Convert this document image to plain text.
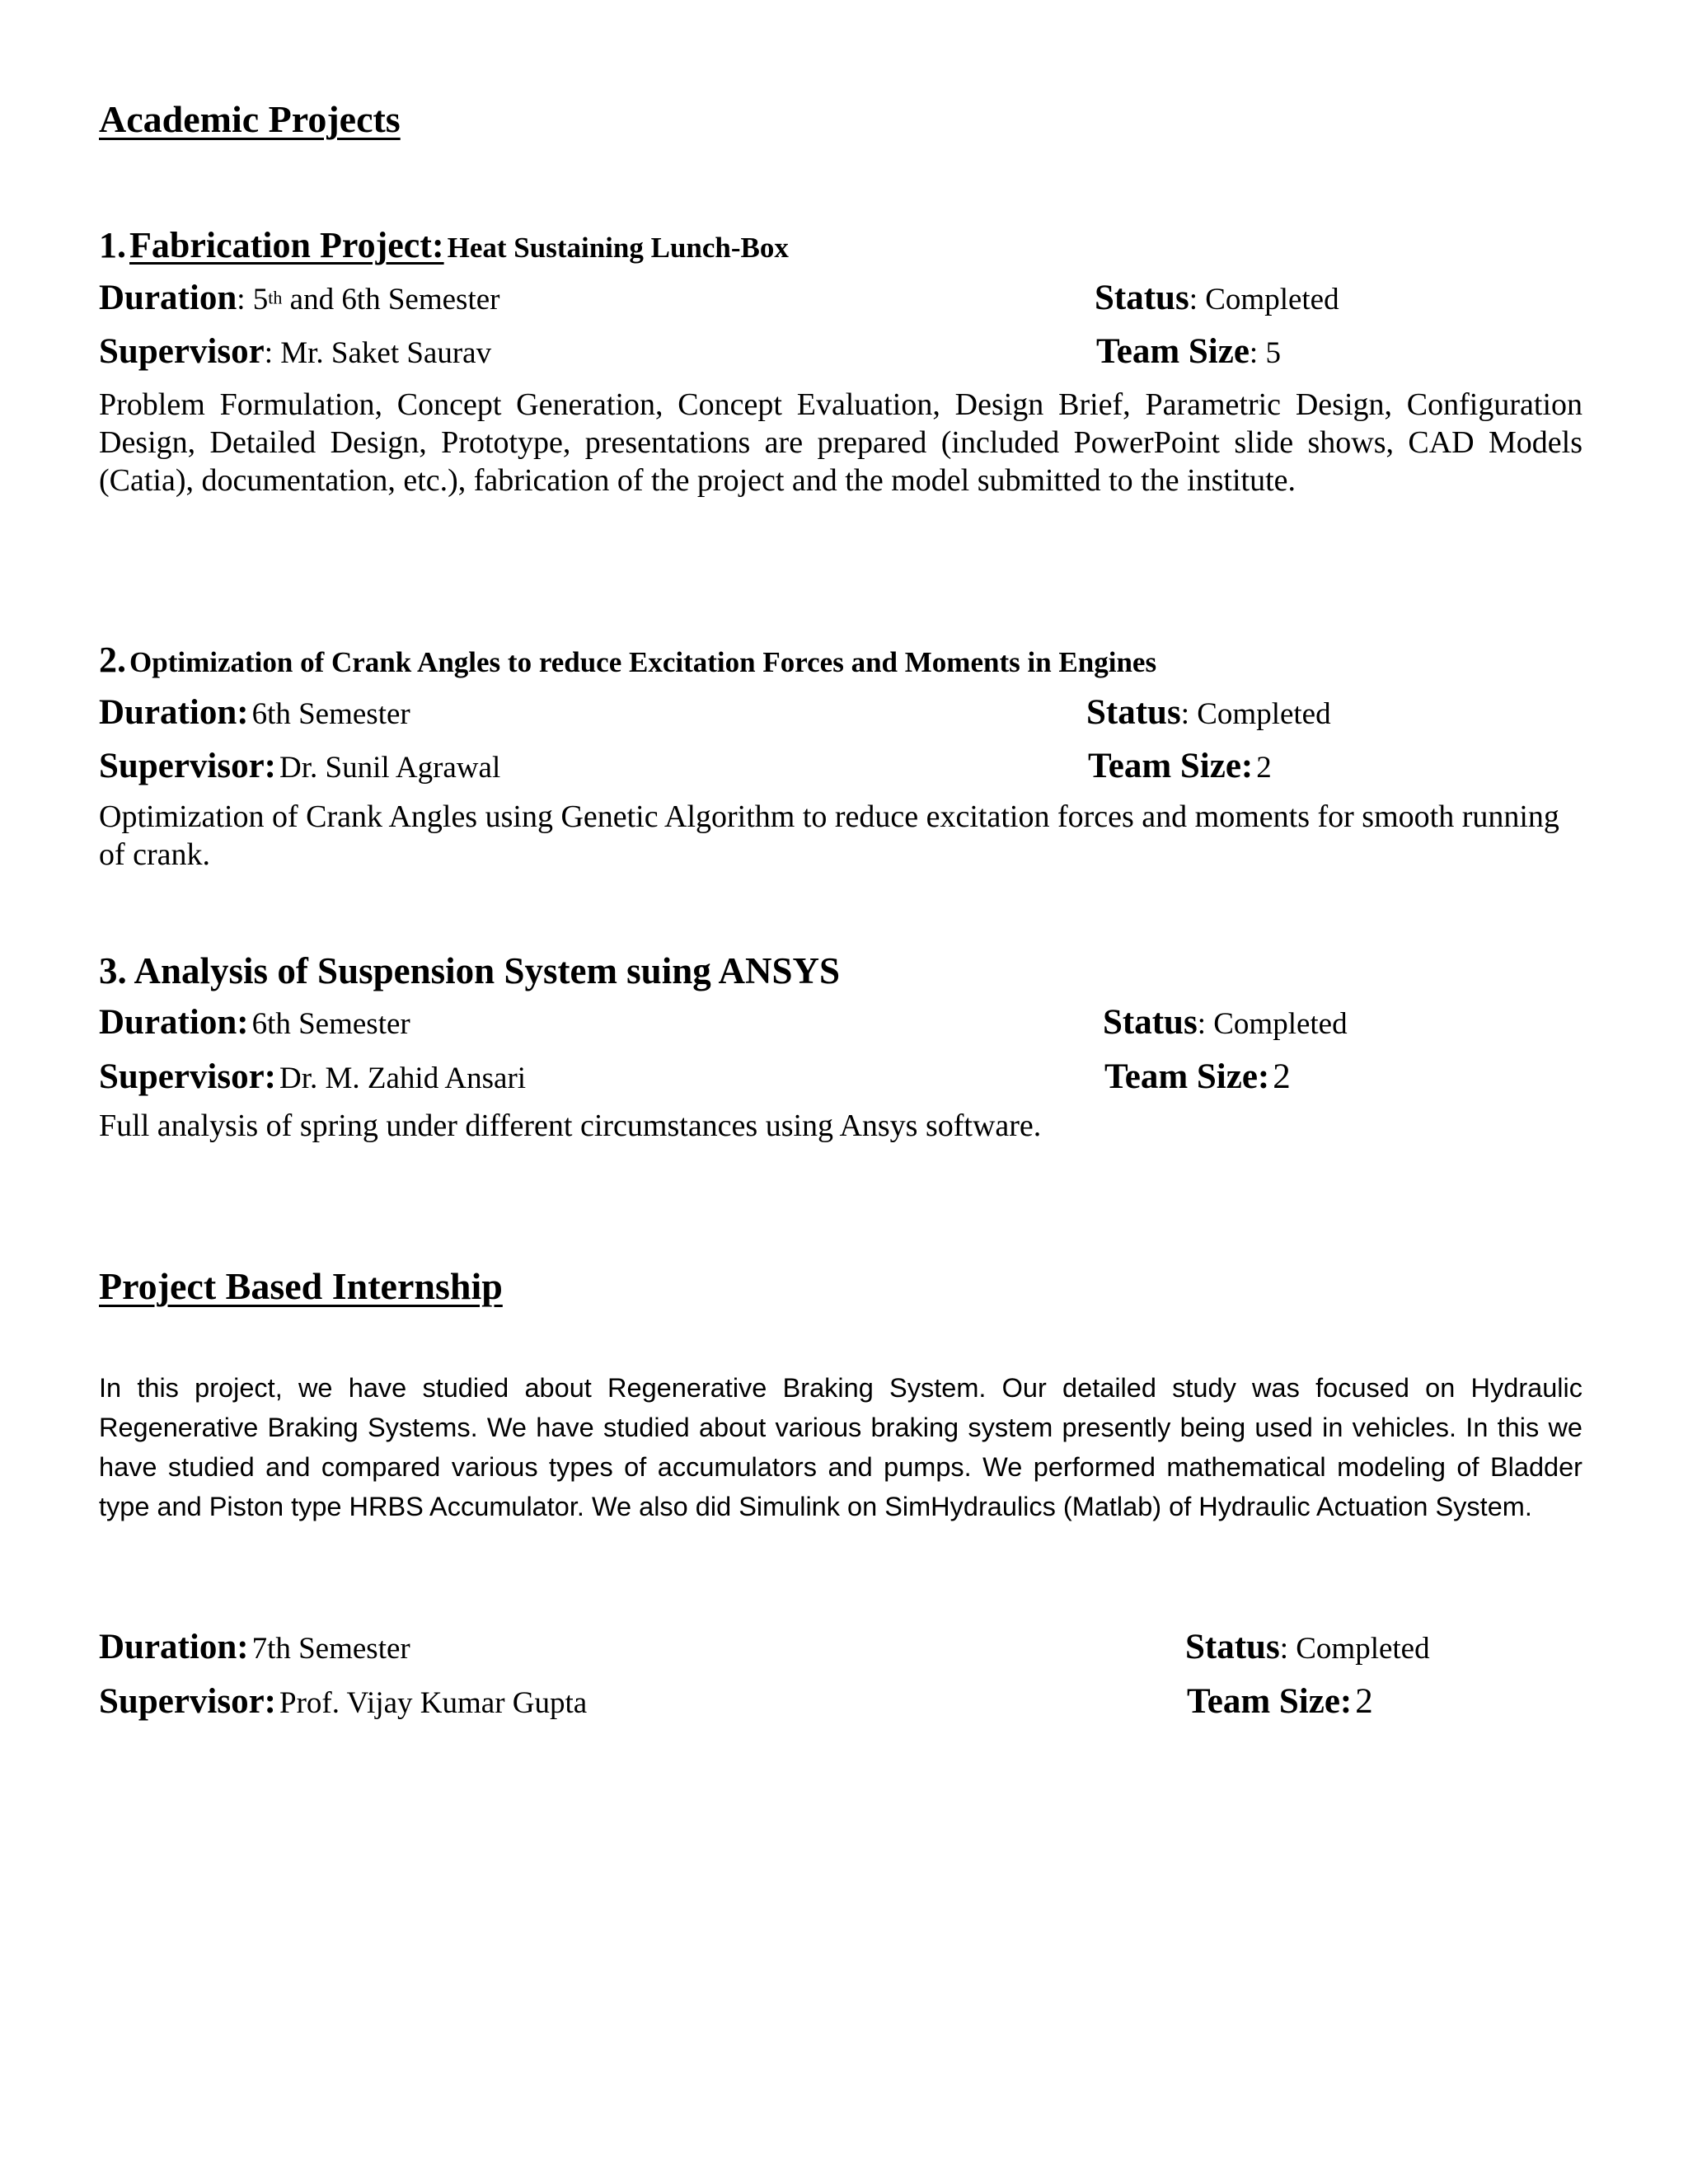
Academic Projects
1. Fabrication Project: Heat Sustaining Lunch-Box
Duration: 5th and 6th Semester	Status: Completed
Supervisor: Mr. Saket Saurav	Team Size: 5
Problem Formulation, Concept Generation, Concept Evaluation, Design Brief, Parametric Design, Configuration Design, Detailed Design, Prototype, presentations are prepared (included PowerPoint slide shows, CAD Models (Catia), documentation, etc.), fabrication of the project and the model submitted to the institute.
2. Optimization of Crank Angles to reduce Excitation Forces and Moments in Engines
Duration: 6th Semester	Status: Completed
Supervisor: Dr. Sunil Agrawal	Team Size: 2
Optimization of Crank Angles using Genetic Algorithm to reduce excitation forces and moments for smooth running of crank.
3. Analysis of Suspension System suing ANSYS
Duration: 6th Semester	Status: Completed
Supervisor: Dr. M. Zahid Ansari	Team Size: 2
Full analysis of spring under different circumstances using Ansys software.
Project Based Internship
In this project, we have studied about Regenerative Braking System. Our detailed study was focused on Hydraulic Regenerative Braking Systems. We have studied about various braking system presently being used in vehicles. In this we have studied and compared various types of accumulators and pumps. We performed mathematical modeling of Bladder type and Piston type HRBS Accumulator. We also did Simulink on SimHydraulics (Matlab) of Hydraulic Actuation System.
Duration: 7th Semester	Status: Completed
Supervisor: Prof. Vijay Kumar Gupta	Team Size: 2
